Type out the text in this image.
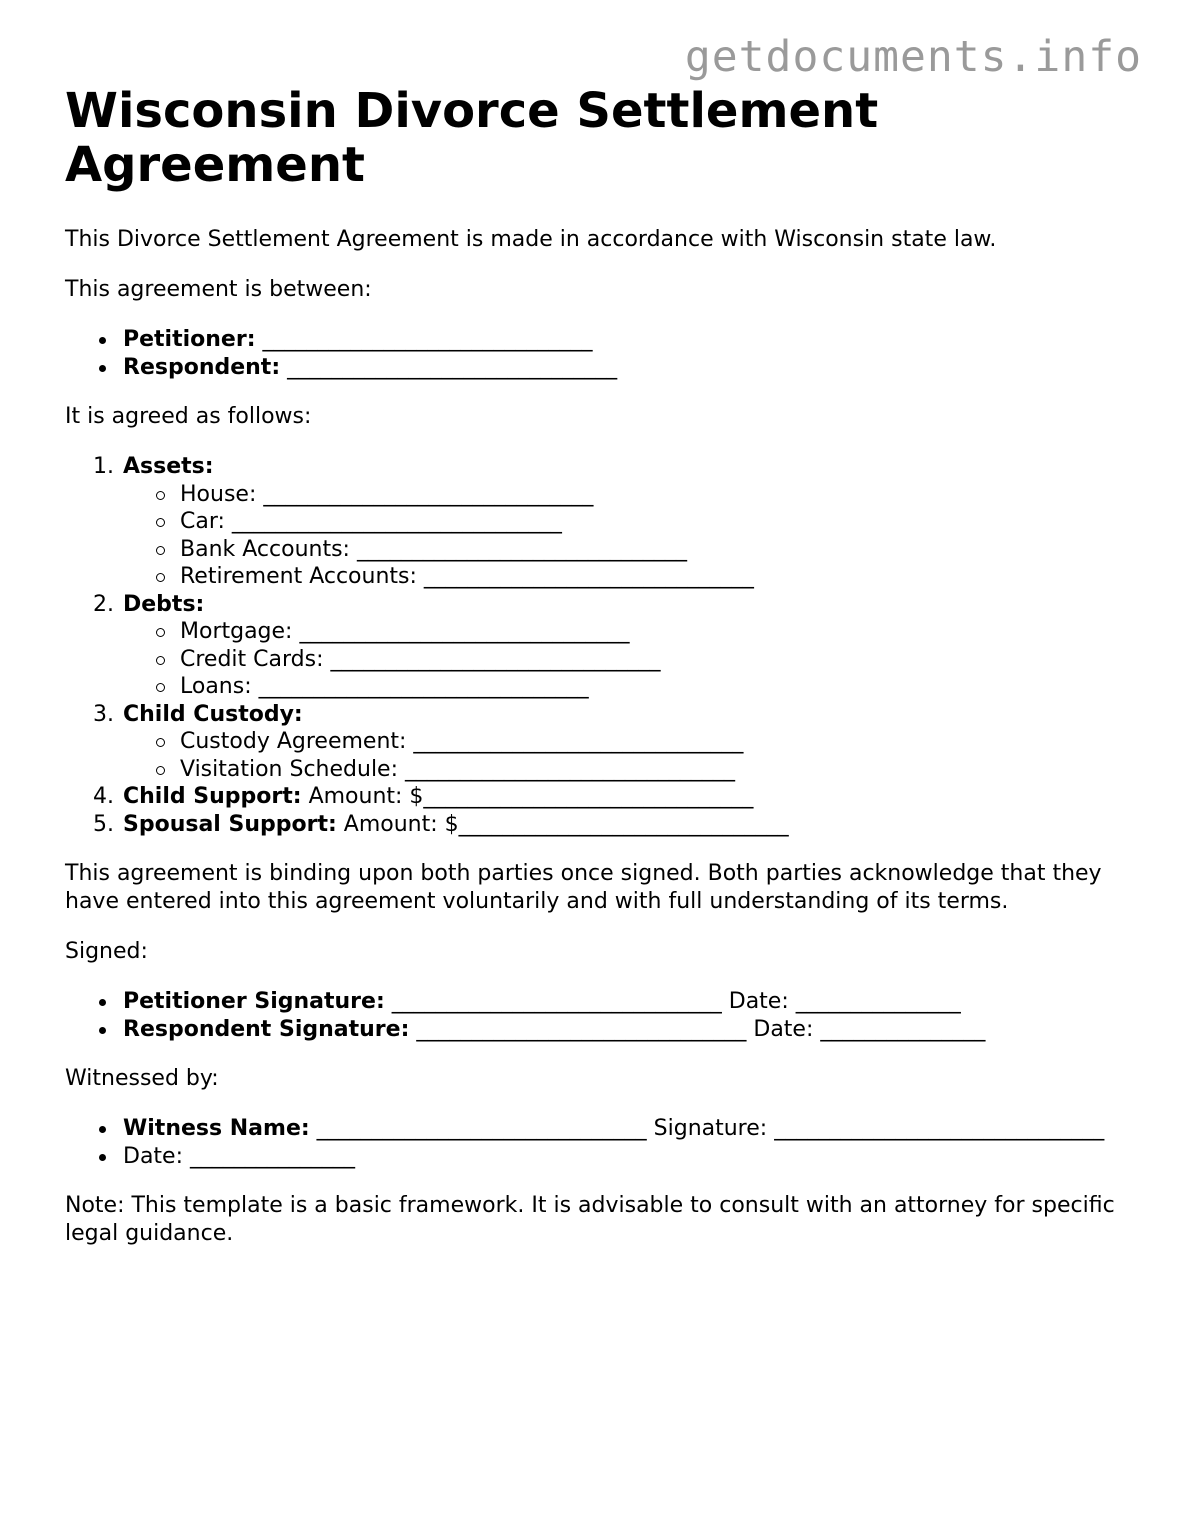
getdocuments.info
Wisconsin Divorce Settlement Agreement

This Divorce Settlement Agreement is made in accordance with Wisconsin state law.

This agreement is between:

Petitioner: ______________________________
Respondent: ______________________________

It is agreed as follows:

1. Assets:
House: ______________________________
Car: ______________________________
Bank Accounts: ______________________________
Retirement Accounts: ______________________________
2. Debts:
Mortgage: ______________________________
Credit Cards: ______________________________
Loans: ______________________________
3. Child Custody:
Custody Agreement: ______________________________
Visitation Schedule: ______________________________
4. Child Support: Amount: $______________________________
5. Spousal Support: Amount: $______________________________

This agreement is binding upon both parties once signed. Both parties acknowledge that they have entered into this agreement voluntarily and with full understanding of its terms.

Signed:

Petitioner Signature: ______________________________ Date: _______________
Respondent Signature: ______________________________ Date: _______________

Witnessed by:

Witness Name: ______________________________ Signature: ______________________________
Date: _______________

Note: This template is a basic framework. It is advisable to consult with an attorney for specific legal guidance.
